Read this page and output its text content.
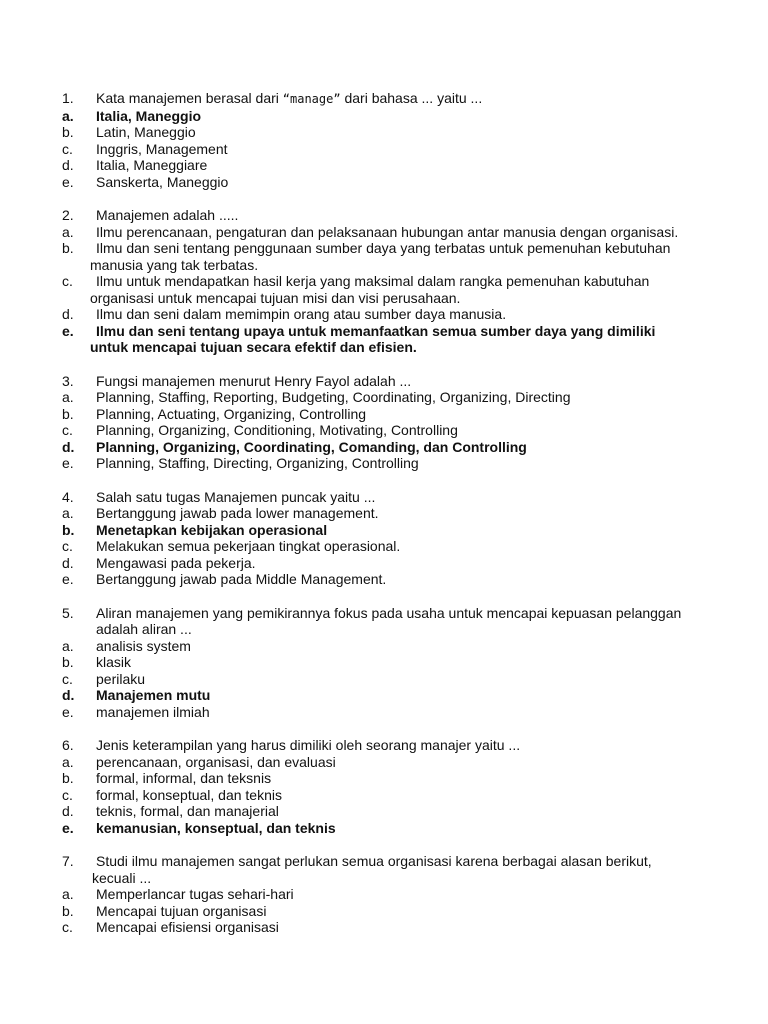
1.	Kata manajemen berasal dari “manage” dari bahasa ... yaitu ...
a.	Italia, Maneggio
b.	Latin, Maneggio
c.	Inggris, Management
d.	Italia, Maneggiare
e.	Sanskerta, Maneggio
2.	Manajemen adalah .....
a.	Ilmu perencanaan, pengaturan dan pelaksanaan hubungan antar manusia dengan organisasi.
b.	Ilmu dan seni tentang penggunaan sumber daya yang terbatas untuk pemenuhan kebutuhan
manusia yang tak terbatas.
c.	Ilmu untuk mendapatkan hasil kerja yang maksimal dalam rangka pemenuhan kabutuhan
organisasi untuk mencapai tujuan misi dan visi perusahaan.
d.	Ilmu dan seni dalam memimpin orang atau sumber daya manusia.
e.	Ilmu dan seni tentang upaya untuk memanfaatkan semua sumber daya yang dimiliki
untuk mencapai tujuan secara efektif dan efisien.
3.	Fungsi manajemen menurut Henry Fayol adalah ...
a.	Planning, Staffing, Reporting, Budgeting, Coordinating, Organizing, Directing
b.	Planning, Actuating, Organizing, Controlling
c.	Planning, Organizing, Conditioning, Motivating, Controlling
d.	Planning, Organizing, Coordinating, Comanding, dan Controlling
e.	Planning, Staffing, Directing, Organizing, Controlling
4.	Salah satu tugas Manajemen puncak yaitu ...
a.	Bertanggung jawab pada lower management.
b.	Menetapkan kebijakan operasional
c.	Melakukan semua pekerjaan tingkat operasional.
d.	Mengawasi pada pekerja.
e.	Bertanggung jawab pada Middle Management.
5.	Aliran manajemen yang pemikirannya fokus pada usaha untuk mencapai kepuasan pelanggan
adalah aliran ...
a.	analisis system
b.	klasik
c.	perilaku
d.	Manajemen mutu
e.	manajemen ilmiah
6.	Jenis keterampilan yang harus dimiliki oleh seorang manajer yaitu ...
a.	perencanaan, organisasi, dan evaluasi
b.	formal, informal, dan teksnis
c.	formal, konseptual, dan teknis
d.	teknis, formal, dan manajerial
e.	kemanusian, konseptual, dan teknis
7.	Studi ilmu manajemen sangat perlukan semua organisasi karena berbagai alasan berikut,
kecuali ...
a.	Memperlancar tugas sehari-hari
b.	Mencapai tujuan organisasi
c.	Mencapai efisiensi organisasi
